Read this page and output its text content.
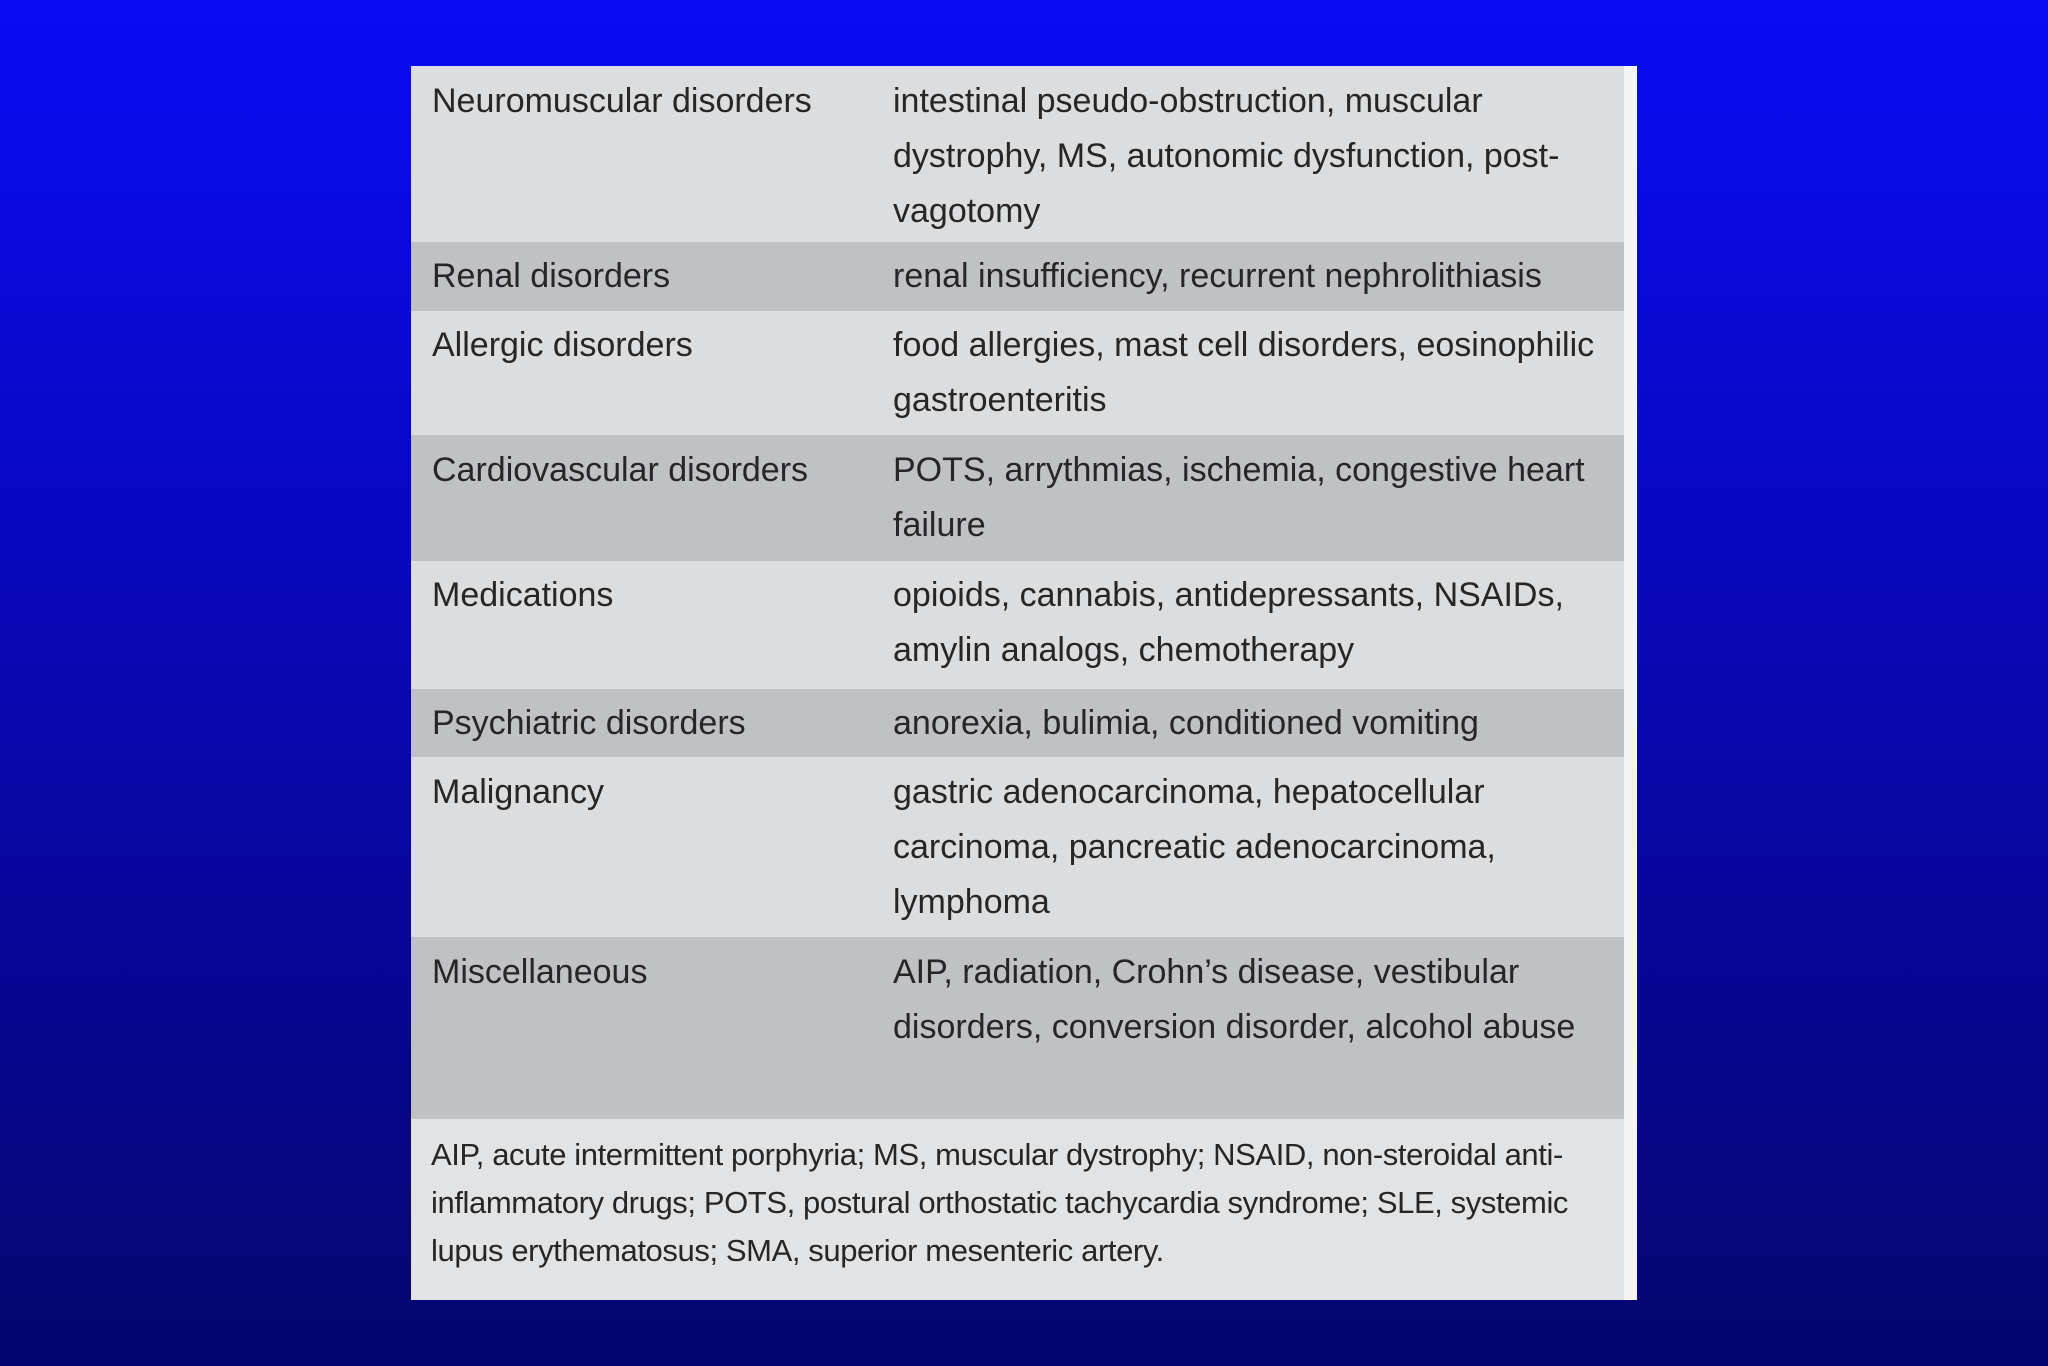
Neuromuscular disorders	intestinal pseudo-obstruction, muscular dystrophy, MS, autonomic dysfunction, post-vagotomy
Renal disorders	renal insufficiency, recurrent nephrolithiasis
Allergic disorders	food allergies, mast cell disorders, eosinophilic gastroenteritis
Cardiovascular disorders	POTS, arrythmias, ischemia, congestive heart failure
Medications	opioids, cannabis, antidepressants, NSAIDs, amylin analogs, chemotherapy
Psychiatric disorders	anorexia, bulimia, conditioned vomiting
Malignancy	gastric adenocarcinoma, hepatocellular carcinoma, pancreatic adenocarcinoma, lymphoma
Miscellaneous	AIP, radiation, Crohn’s disease, vestibular disorders, conversion disorder, alcohol abuse
AIP, acute intermittent porphyria; MS, muscular dystrophy; NSAID, non-steroidal anti-inflammatory drugs; POTS, postural orthostatic tachycardia syndrome; SLE, systemic lupus erythematosus; SMA, superior mesenteric artery.
